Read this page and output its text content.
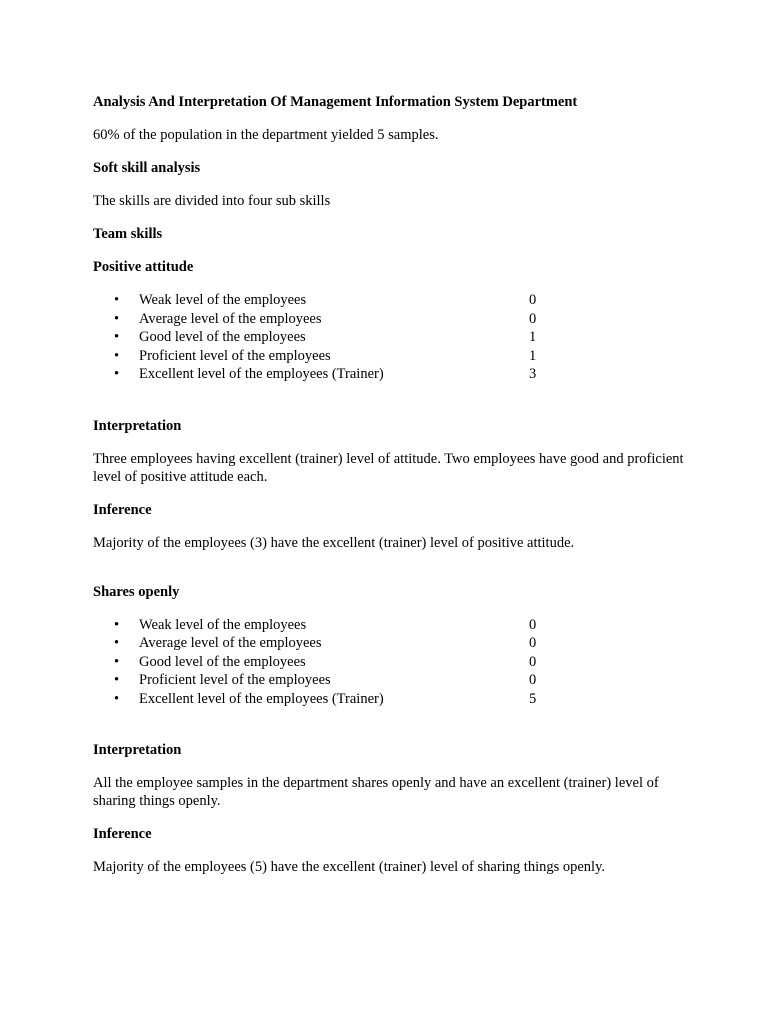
Analysis And Interpretation Of Management Information System Department

60% of the population in the department yielded 5 samples.

Soft skill analysis

The skills are divided into four sub skills

Team skills

Positive attitude

• Weak level of the employees	0
• Average level of the employees	0
• Good level of the employees	1
• Proficient level of the employees	1
• Excellent level of the employees (Trainer)	3

Interpretation

Three employees having excellent (trainer) level of attitude. Two employees have good and proficient level of positive attitude each.

Inference

Majority of the employees (3) have the excellent (trainer) level of positive attitude.

Shares openly

• Weak level of the employees	0
• Average level of the employees	0
• Good level of the employees	0
• Proficient level of the employees	0
• Excellent level of the employees (Trainer)	5

Interpretation

All the employee samples in the department shares openly and have an excellent (trainer) level of sharing things openly.

Inference

Majority of the employees (5) have the excellent (trainer) level of sharing things openly.
